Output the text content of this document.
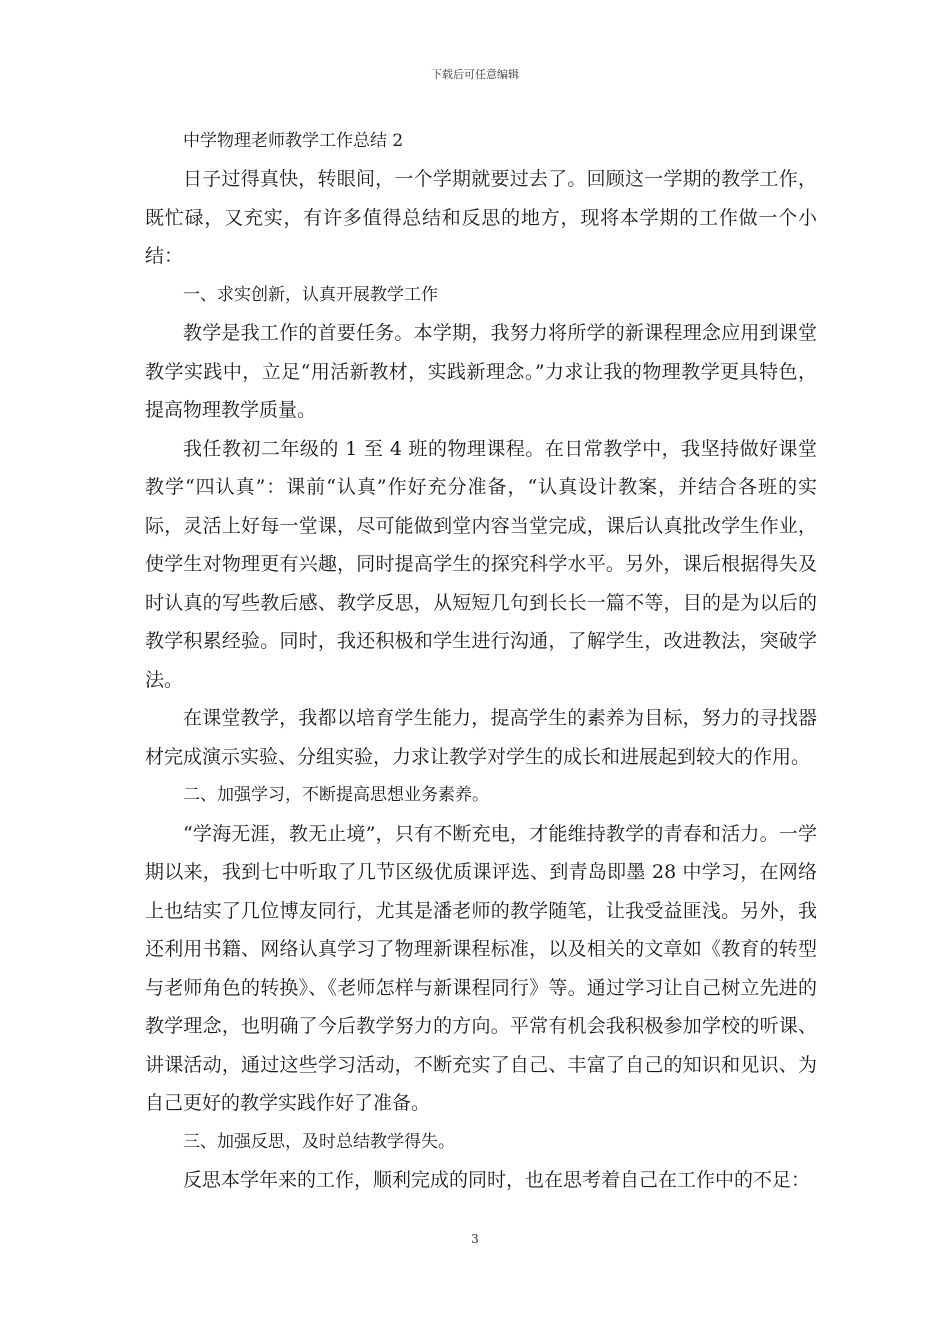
下载后可任意编辑
中学物理老师教学工作总结 2

日子过得真快，转眼间，一个学期就要过去了。回顾这一学期的教学工作，既忙碌，又充实，有许多值得总结和反思的地方，现将本学期的工作做一个小结：

一、求实创新，认真开展教学工作

教学是我工作的首要任务。本学期，我努力将所学的新课程理念应用到课堂教学实践中，立足“用活新教材，实践新理念。”力求让我的物理教学更具特色，提高物理教学质量。

我任教初二年级的 1 至 4 班的物理课程。在日常教学中，我坚持做好课堂教学“四认真”：课前“认真”作好充分准备，“认真设计教案，并结合各班的实际，灵活上好每一堂课，尽可能做到堂内容当堂完成，课后认真批改学生作业，使学生对物理更有兴趣，同时提高学生的探究科学水平。另外，课后根据得失及时认真的写些教后感、教学反思，从短短几句到长长一篇不等，目的是为以后的教学积累经验。同时，我还积极和学生进行沟通，了解学生，改进教法，突破学法。

在课堂教学，我都以培育学生能力，提高学生的素养为目标，努力的寻找器材完成演示实验、分组实验，力求让教学对学生的成长和进展起到较大的作用。

二、加强学习，不断提高思想业务素养。

“学海无涯，教无止境”，只有不断充电，才能维持教学的青春和活力。一学期以来，我到七中听取了几节区级优质课评选、到青岛即墨 28 中学习，在网络上也结实了几位博友同行，尤其是潘老师的教学随笔，让我受益匪浅。另外，我还利用书籍、网络认真学习了物理新课程标准，以及相关的文章如《教育的转型与老师角色的转换》、《老师怎样与新课程同行》等。通过学习让自己树立先进的教学理念，也明确了今后教学努力的方向。平常有机会我积极参加学校的听课、讲课活动，通过这些学习活动，不断充实了自己、丰富了自己的知识和见识、为自己更好的教学实践作好了准备。

三、加强反思，及时总结教学得失。

反思本学年来的工作，顺利完成的同时，也在思考着自己在工作中的不足：

3
